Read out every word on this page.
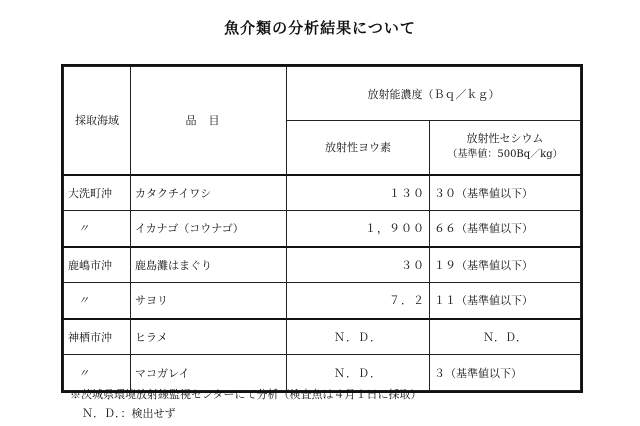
魚介類の分析結果について
採取海域	品目	放射能濃度（Ｂｑ／ｋｇ）	
		放射性ヨウ素	放射性セシウム
（基準値：500Bq／kg）

大洗町沖	カタクチイワシ	１３０	３０（基準値以下）
〃	イカナゴ（コウナゴ）	１，９００	６６（基準値以下）
鹿嶋市沖	鹿島灘はまぐり	３０	１９（基準値以下）
〃	サヨリ	７．２	１１（基準値以下）
神栖市沖	ヒラメ	Ｎ．Ｄ．	Ｎ．Ｄ．
〃	マコガレイ	Ｎ．Ｄ．	３（基準値以下）
※茨城県環境放射線監視センターにて分析（検査魚は４月１日に採取）
Ｎ．Ｄ．：検出せず
